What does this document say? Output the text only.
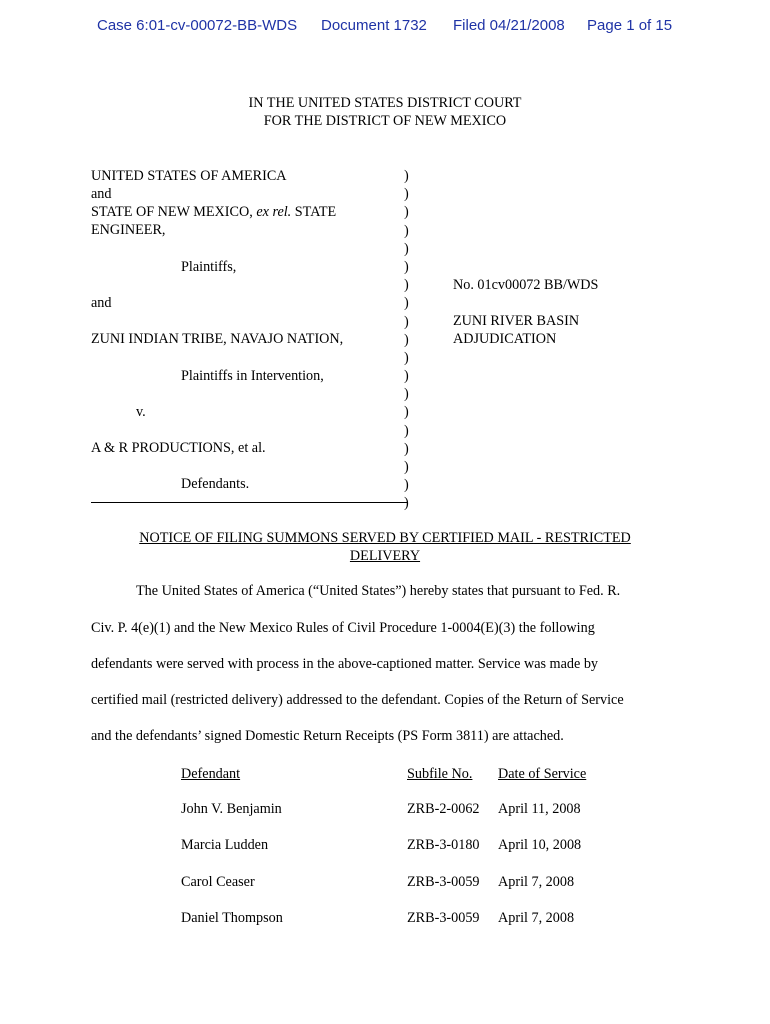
Case 6:01-cv-00072-BB-WDS Document 1732 Filed 04/21/2008 Page 1 of 15
IN THE UNITED STATES DISTRICT COURT
FOR THE DISTRICT OF NEW MEXICO
UNITED STATES OF AMERICA
and
STATE OF NEW MEXICO, ex rel. STATE
ENGINEER,
Plaintiffs,
and
ZUNI INDIAN TRIBE, NAVAJO NATION,
Plaintiffs in Intervention,
v.
A & R PRODUCTIONS, et al.
Defendants.
)
)
)
)
)
)
)
)
)
)
)
)
)
)
)
)
)
)
)
No. 01cv00072 BB/WDS
ZUNI RIVER BASIN
ADJUDICATION
NOTICE OF FILING SUMMONS SERVED BY CERTIFIED MAIL - RESTRICTED
DELIVERY
The United States of America (“United States”) hereby states that pursuant to Fed. R.
Civ. P. 4(e)(1) and the New Mexico Rules of Civil Procedure 1-0004(E)(3) the following
defendants were served with process in the above-captioned matter. Service was made by
certified mail (restricted delivery) addressed to the defendant. Copies of the Return of Service
and the defendants’ signed Domestic Return Receipts (PS Form 3811) are attached.
Defendant	Subfile No. Date of Service
John V. Benjamin	ZRB-2-0062 April 11, 2008
Marcia Ludden	ZRB-3-0180 April 10, 2008
Carol Ceaser	ZRB-3-0059 April 7, 2008
Daniel Thompson	ZRB-3-0059 April 7, 2008
